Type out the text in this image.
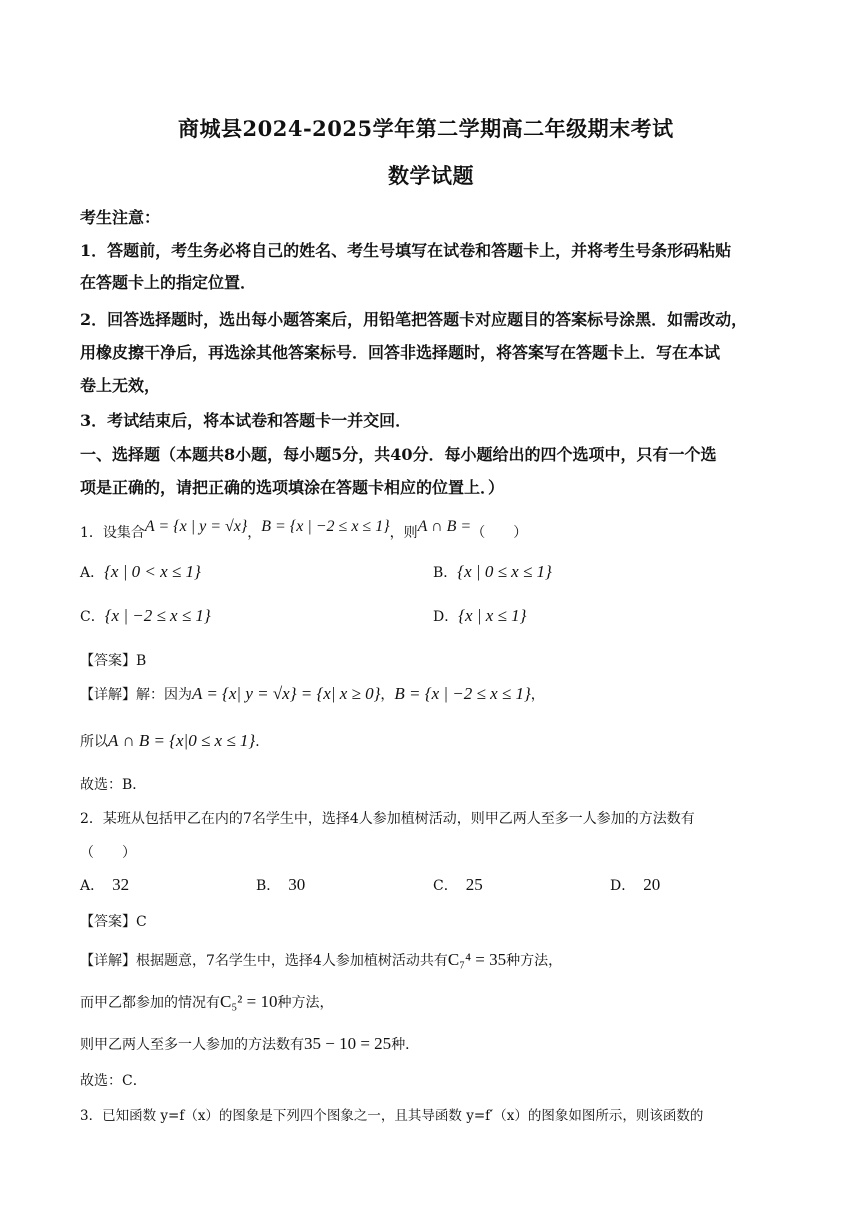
商城县2024-2025学年第二学期高二年级期末考试
数学试题
考生注意：
1．答题前，考生务必将自己的姓名、考生号填写在试卷和答题卡上，并将考生号条形码粘贴
在答题卡上的指定位置．
2．回答选择题时，选出每小题答案后，用铅笔把答题卡对应题目的答案标号涂黑．如需改动，
用橡皮擦干净后，再选涂其他答案标号．回答非选择题时，将答案写在答题卡上．写在本试
卷上无效，
3．考试结束后，将本试卷和答题卡一并交回．
一、选择题（本题共8小题，每小题5分，共40分．每小题给出的四个选项中，只有一个选
项是正确的，请把正确的选项填涂在答题卡相应的位置上．）
1．设集合A = {x | y = √x}，B = {x | −2 ≤ x ≤ 1}，则A ∩ B =（　　）
A．{x | 0 < x ≤ 1}	B．{x | 0 ≤ x ≤ 1}
C．{x | −2 ≤ x ≤ 1}	D．{x | x ≤ 1}
【答案】B
【详解】解：因为A = {x| y = √x} = {x| x ≥ 0}，B = {x | −2 ≤ x ≤ 1}，
所以A ∩ B = {x|0 ≤ x ≤ 1}．
故选：B．
2．某班从包括甲乙在内的7名学生中，选择4人参加植树活动，则甲乙两人至多一人参加的方法数有
（　　）
A． 32	B． 30	C． 25	D． 20
【答案】C
【详解】根据题意，7名学生中，选择4人参加植树活动共有C₇⁴ = 35种方法，
而甲乙都参加的情况有C₅² = 10种方法，
则甲乙两人至多一人参加的方法数有35 − 10 = 25种．
故选：C．
3．已知函数 y=f（x）的图象是下列四个图象之一，且其导函数 y=f′（x）的图象如图所示，则该函数的
